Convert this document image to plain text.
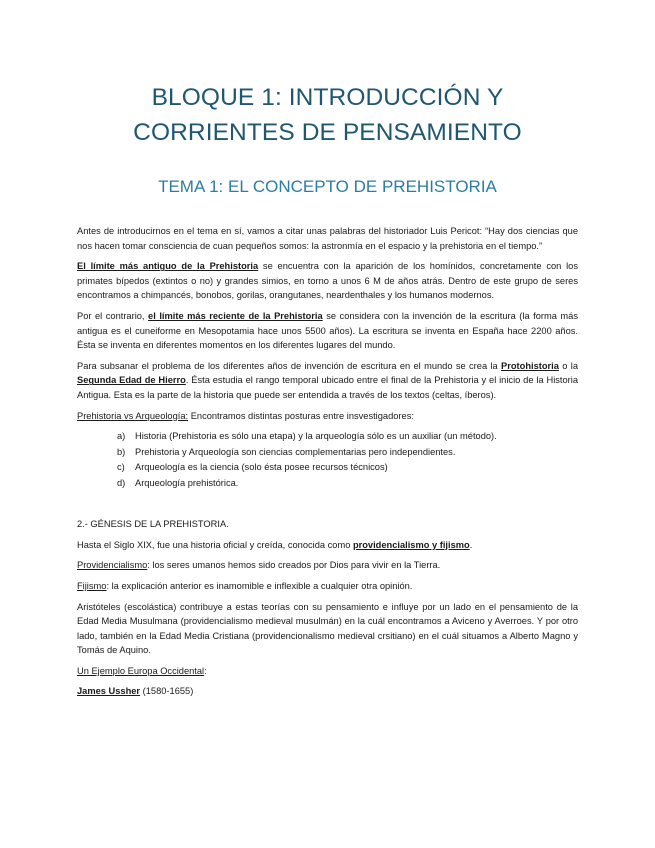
BLOQUE 1: INTRODUCCIÓN Y
CORRIENTES DE PENSAMIENTO
TEMA 1: EL CONCEPTO DE PREHISTORIA

Antes de introducirnos en el tema en sí, vamos a citar unas palabras del historiador Luis Pericot: “Hay dos ciencias que nos hacen tomar consciencia de cuan pequeños somos: la astronmía en el espacio y la prehistoria en el tiempo.”

El límite más antiguo de la Prehistoria se encuentra con la aparición de los homínidos, concretamente con los primates bípedos (extintos o no) y grandes simios, en torno a unos 6 M de años atrás. Dentro de este grupo de seres encontramos a chimpancés, bonobos, gorilas, orangutanes, neardenthales y los humanos modernos.

Por el contrario, el límite más reciente de la Prehistoria se considera con la invención de la escritura (la forma más antigua es el cuneiforme en Mesopotamia hace unos 5500 años). La escritura se inventa en España hace 2200 años. Ésta se inventa en diferentes momentos en los diferentes lugares del mundo.

Para subsanar el problema de los diferentes años de invención de escritura en el mundo se crea la Protohistoria o la Segunda Edad de Hierro. Ésta estudia el rango temporal ubicado entre el final de la Prehistoria y el inicio de la Historia Antigua. Esta es la parte de la historia que puede ser entendida a través de los textos (celtas, íberos).

Prehistoria vs Arqueología: Encontramos distintas posturas entre insvestigadores:

a) Historia (Prehistoria es sólo una etapa) y la arqueología sólo es un auxiliar (un método).
b) Prehistoria y Arqueología son ciencias complementarias pero independientes.
c) Arqueología es la ciencia (solo ésta posee recursos técnicos)
d) Arqueología prehistórica.

2.- GÉNESIS DE LA PREHISTORIA.

Hasta el Siglo XIX, fue una historia oficial y creída, conocida como providencialismo y fijismo.

Providencialismo: los seres umanos hemos sido creados por Dios para vivir en la Tierra.

Fijismo: la explicación anterior es inamomible e inflexible a cualquier otra opinión.

Aristóteles (escolástica) contribuye a estas teorías con su pensamiento e influye por un lado en el pensamiento de la Edad Media Musulmana (providencialismo medieval musulmán) en la cuál encontramos a Aviceno y Averroes. Y por otro lado, también en la Edad Media Cristiana (providencionalismo medieval crsitiano) en el cuál situamos a Alberto Magno y Tomás de Aquino.

Un Ejemplo Europa Occidental:

James Ussher (1580-1655)
